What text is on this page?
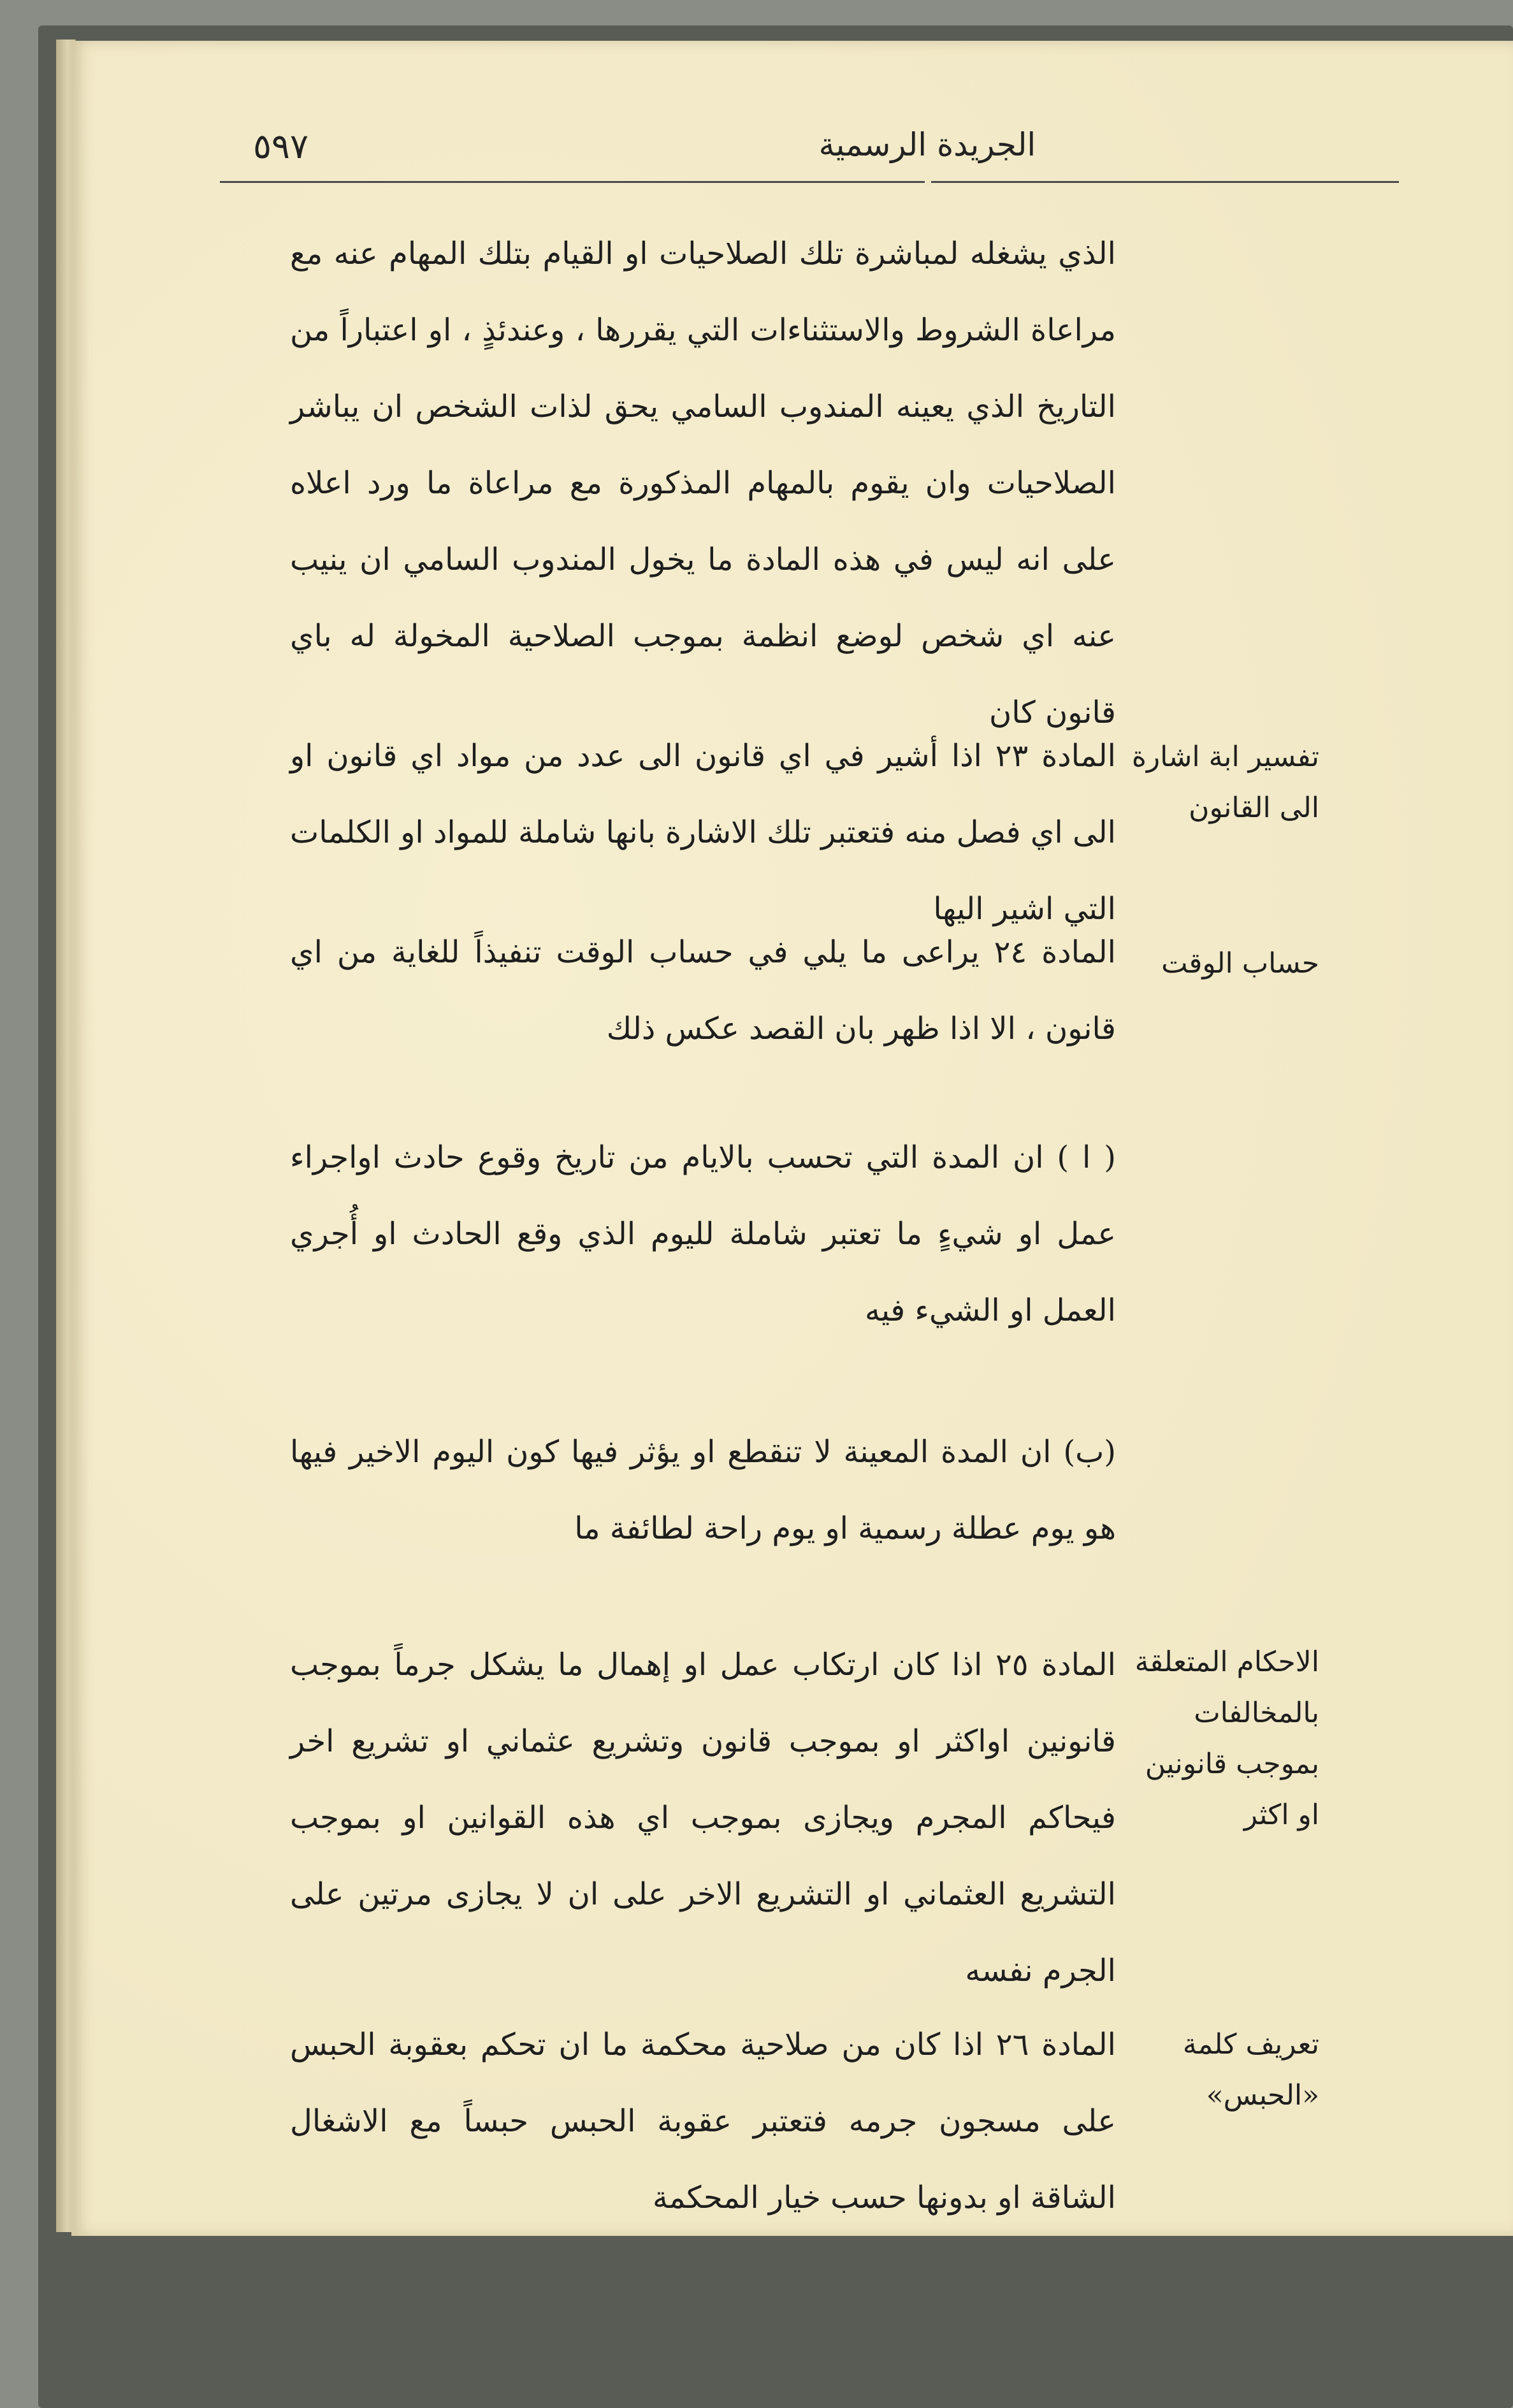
٥٩٧	الجريدة الرسمية

الذي يشغله لمباشرة تلك الصلاحيات او القيام بتلك المهام عنه مع مراعاة الشروط والاستثناءات التي يقررها ، وعندئذٍ ، او اعتباراً من التاريخ الذي يعينه المندوب السامي يحق لذات الشخص ان يباشر الصلاحيات وان يقوم بالمهام المذكورة مع مراعاة ما ورد اعلاه على انه ليس في هذه المادة ما يخول المندوب السامي ان ينيب عنه اي شخص لوضع انظمة بموجب الصلاحية المخولة له باي قانون كان

تفسير ابة اشارة الى القانون

المادة ٢٣ اذا أشير في اي قانون الى عدد من مواد اي قانون او الى اي فصل منه فتعتبر تلك الاشارة بانها شاملة للمواد او الكلمات التي اشير اليها

حساب الوقت

المادة ٢٤ يراعى ما يلي في حساب الوقت تنفيذاً للغاية من اي قانون ، الا اذا ظهر بان القصد عكس ذلك

( ا ) ان المدة التي تحسب بالايام من تاريخ وقوع حادث اواجراء عمل او شيءٍ ما تعتبر شاملة لليوم الذي وقع الحادث او أُجري العمل او الشيء فيه

(ب) ان المدة المعينة لا تنقطع او يؤثر فيها كون اليوم الاخير فيها هو يوم عطلة رسمية او يوم راحة لطائفة ما

الاحكام المتعلقة بالمخالفات بموجب قانونين او اكثر

المادة ٢٥ اذا كان ارتكاب عمل او إهمال ما يشكل جرماً بموجب قانونين اواكثر او بموجب قانون وتشريع عثماني او تشريع اخر فيحاكم المجرم ويجازى بموجب اي هذه القوانين او بموجب التشريع العثماني او التشريع الاخر على ان لا يجازى مرتين على الجرم نفسه

تعريف كلمة «الحبس»

المادة ٢٦ اذا كان من صلاحية محكمة ما ان تحكم بعقوبة الحبس على مسجون جرمه فتعتبر عقوبة الحبس حبساً مع الاشغال الشاقة او بدونها حسب خيار المحكمة
